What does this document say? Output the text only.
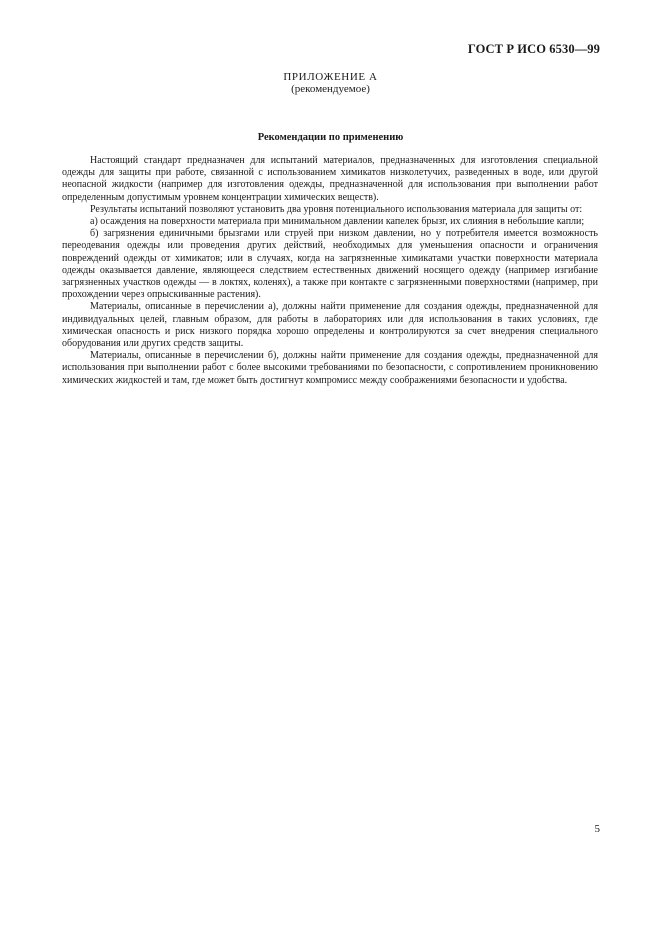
ГОСТ Р ИСО 6530—99
ПРИЛОЖЕНИЕ А
(рекомендуемое)
Рекомендации по применению

Настоящий стандарт предназначен для испытаний материалов, предназначенных для изготовления специальной одежды для защиты при работе, связанной с использованием химикатов низколетучих, разведенных в воде, или другой неопасной жидкости (например для изготовления одежды, предназначенной для использования при выполнении работ определенным допустимым уровнем концентрации химических веществ).

Результаты испытаний позволяют установить два уровня потенциального использования материала для защиты от:

а) осаждения на поверхности материала при минимальном давлении капелек брызг, их слияния в небольшие капли;

б) загрязнения единичными брызгами или струей при низком давлении, но у потребителя имеется возможность переодевания одежды или проведения других действий, необходимых для уменьшения опасности и ограничения повреждений одежды от химикатов; или в случаях, когда на загрязненные химикатами участки поверхности материала одежды оказывается давление, являющееся следствием естественных движений носящего одежду (например изгибание загрязненных участков одежды — в локтях, коленях), а также при контакте с загрязненными поверхностями (например, при прохождении через опрыскиванные растения).

Материалы, описанные в перечислении а), должны найти применение для создания одежды, предназначенной для индивидуальных целей, главным образом, для работы в лабораториях или для использования в таких условиях, где химическая опасность и риск низкого порядка хорошо определены и контролируются за счет внедрения специального оборудования или других средств защиты.

Материалы, описанные в перечислении б), должны найти применение для создания одежды, предназначенной для использования при выполнении работ с более высокими требованиями по безопасности, с сопротивлением проникновению химических жидкостей и там, где может быть достигнут компромисс между соображениями безопасности и удобства.

5
